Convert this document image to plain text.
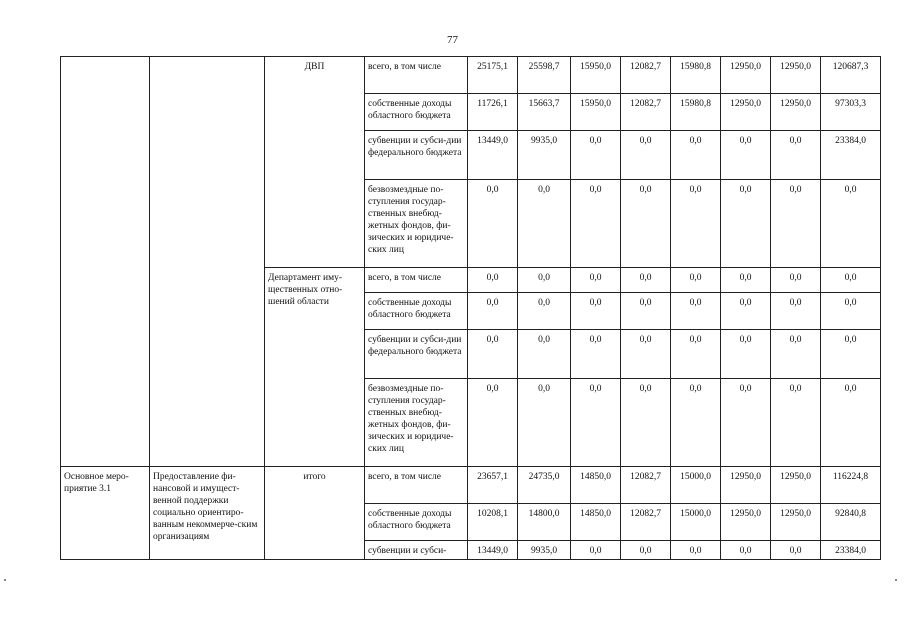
77
		ДВП	всего, в том числе	25175,1	25598,7	15950,0	12082,7	15980,8	12950,0	12950,0	120687,3
			собственные доходы областного бюджета	11726,1	15663,7	15950,0	12082,7	15980,8	12950,0	12950,0	97303,3
			субвенции и субси-дии федерального бюджета	13449,0	9935,0	0,0	0,0	0,0	0,0	0,0	23384,0
			безвозмездные по-ступления государ-ственных внебюд-жетных фондов, фи-зических и юридиче-ских лиц	0,0	0,0	0,0	0,0	0,0	0,0	0,0	0,0
		Департамент иму-щественных отно-шений области	всего, в том числе	0,0	0,0	0,0	0,0	0,0	0,0	0,0	0,0
			собственные доходы областного бюджета	0,0	0,0	0,0	0,0	0,0	0,0	0,0	0,0
			субвенции и субси-дии федерального бюджета	0,0	0,0	0,0	0,0	0,0	0,0	0,0	0,0
			безвозмездные по-ступления государ-ственных внебюд-жетных фондов, фи-зических и юридиче-ских лиц	0,0	0,0	0,0	0,0	0,0	0,0	0,0	0,0
Основное меро-приятие 3.1	Предоставление фи-нансовой и имущест-венной поддержки социально ориентиро-ванным некоммерче-ским организациям	итого	всего, в том числе	23657,1	24735,0	14850,0	12082,7	15000,0	12950,0	12950,0	116224,8
			собственные доходы областного бюджета	10208,1	14800,0	14850,0	12082,7	15000,0	12950,0	12950,0	92840,8
			субвенции и субси-	13449,0	9935,0	0,0	0,0	0,0	0,0	0,0	23384,0
